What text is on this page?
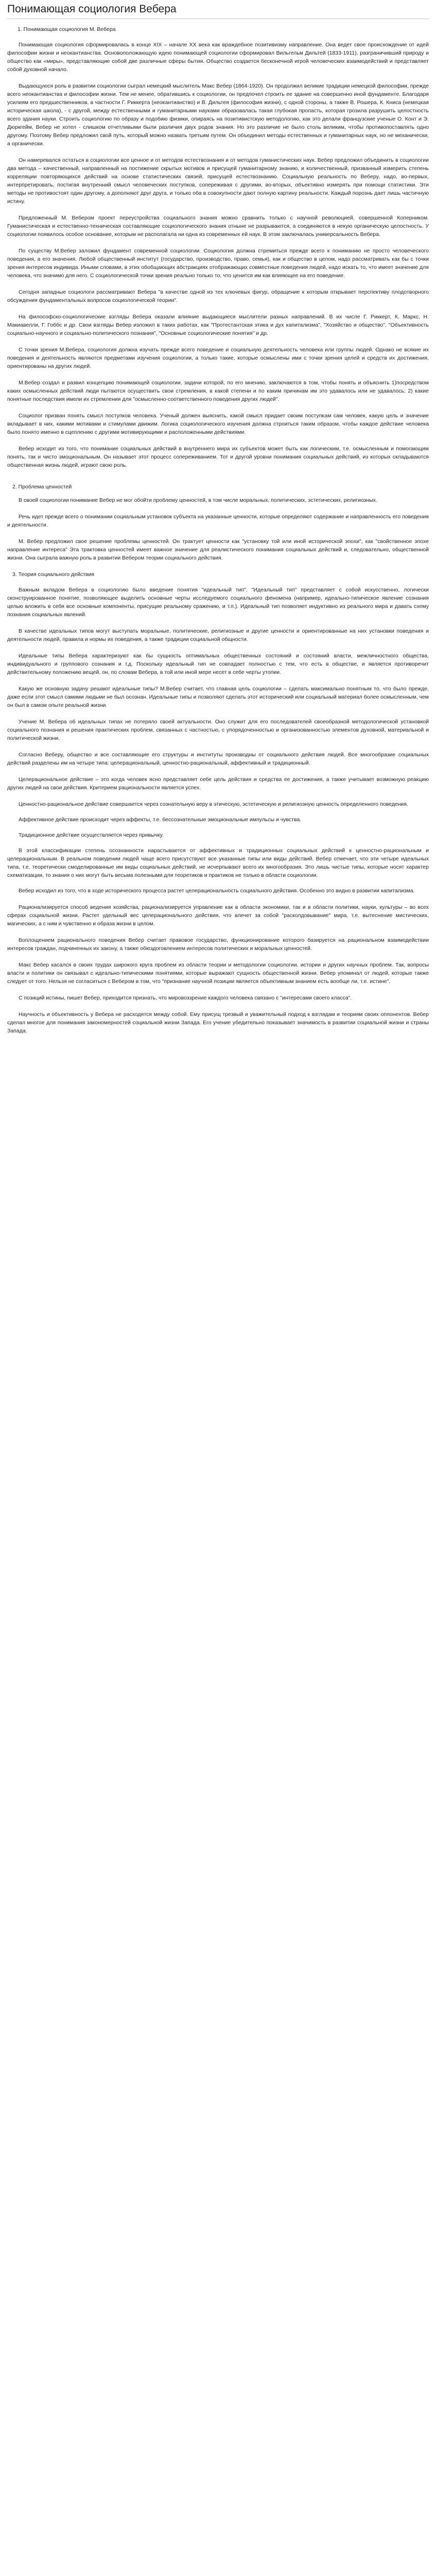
Понимающая социология Вебера
1. Понимающая социология М. Вебера

Понимающая социология сформировалась в конце XIX – начале XX века как враждебное позитивизму направление. Она ведет свое происхождение от идей философии жизни и неокантианства. Основоположающую идею понимающей социологии сформировал Вильгельм Дильтей (1833-1911), разграничивший природу и общество как «миры», представляющие собой две различные сферы бытия. Общество создается бесконечной игрой человеческих взаимодействий и представляет собой духовной начало.

Выдающуюся роль в развитии социологии сыграл немецкий мыслитель Макс Вебер (1864-1920). Он продолжил великие традиции немецкой философии, прежде всего неокантианства и философии жизни. Тем не менее, обратившись к социологии, он предпочел строить ее здание на совершенно иной фундаменте. Благодаря усилиям его предшественников, в частности Г. Риккерта (неокантианство) и В. Дильтея (философия жизни), с одной стороны, а также В. Рошера, К. Книса (немецкая историческая школа), - с другой, между естественными и гуманитарными науками образовалась такая глубокая пропасть, которая грозила разрушить целостность всего здания науки. Строить социологию по образу и подобию физики, опираясь на позитивистскую методологию, как это делали французские ученые О. Конт и Э. Дюркгейм, Вебер не хотел - слишком отчетливыми были различия двух родов знания. Но это различие не было столь великим, чтобы противопоставлять одно другому. Поэтому Вебер предложил свой путь, который можно назвать третьим путем. Он объединил методы естественных и гуманитарных наук, но не механически, а органически.

Он намеревался остаться в социологии все ценное и от методов естествознания и от методов гуманистических наук. Вебер предложил объединить в социологии два метода – качественный, направленный на постижение скрытых мотивов и присущей гуманитарному знанию, и количественный, призванный измерить степень корреляции повторяющихся действий на основе статистических связей, присущей естествознанию. Социальную реальность по Веберу, надо, во-первых, интерпретировать, постигая внутренний смысл человеческих поступков, сопереживая с другими, во-вторых, объективно измерять при помощи статистики. Эти методы не противостоят один другому, а дополняют друг друга, и только оба в совокупности дают полную картину реальности. Каждый порознь дает лишь частичную истину.

Предложенный М. Вебером проект переустройства социального знания можно сравнить только с научной революцией, совершенной Коперником. Гуманистическая и естественно-техническая составляющие социологического знания отныне не разрываются, а соединяются в некую органическую целостность. У социологии появилось особое основание, которым не располагала ни одна из современных ей наук. В этом заключалась универсальность Вебера.

По существу М.Вебер заложил фундамент современной социологии. Социология должна стремиться прежде всего к пониманию не просто человеческого поведения, а его значения. Любой общественный институт (государство, производство, право, семья), как и общество в целом, надо рассматривать как бы с точки зрения интересов индивида. Иными словами, в этих обобщающих абстракциях отображающих совместные поведения людей, надо искать то, что имеет значение для человека, что значимо для него. С социологической точки зрения реально только то, что ценится им как влияющее на его поведение.

Сегодня западные социологи рассматривают Вебера "в качестве одной из тех ключевых фигур, обращение к которым открывает перспективу плодотворного обсуждения фундаментальных вопросов социологической теории".

На философско-социологические взгляды Вебера оказали влияние выдающиеся мыслители разных направлений. В их числе Г. Риккерт, К. Маркс, Н. Макиавелли, Г. Гоббс и др. Свои взгляды Вебер изложил в таких работах, как "Протестантская этика и дух капитализма", "Хозяйство и общество", "Объективность социально-научного и социально-политического познания", "Основные социологические понятия" и др.

С точки зрения М.Вебера, социология должна изучать прежде всего поведение и социальную деятельность человека или группы людей. Однако не всякие их поведения и деятельность являются предметами изучения социологии, а только такие, которые осмыслены ими с точки зрения целей и средств их достижения, ориентированы на других людей.

М.Вебер создал и развил концепцию понимающей социологии, задачи которой, по его мнению, заключаются в том, чтобы понять и объяснить 1)посредством каких осмысленных действий люди пытаются осуществить свои стремления, в какой степени и по каким причинам им это удавалось или не удавалось; 2) какие понятные последствия имели их стремления для "осмысленно-соответственного поведения других людей".

Социолог призван понять смысл поступков человека. Ученый должен выяснить, какой смысл придает своим поступкам сам человек, какую цель и значение вкладывает в них, какими мотивами и стимулами движим. Логика социологического изучения должна строиться таким образом, чтобы каждое действие человека было понято именно в сцеплению с другими мотивирующими и расположенными действиями.

Вебер исходит из того, что понимание социальных действий в внутреннего мира их субъектов может быть как логическим, т.е. осмысленным и помогающим понять, так и чисто эмоциональным. Он называет этот процесс сопереживанием. Тот и другой уровни понимания социальных действий, из которых складываются общественная жизнь людей, играют свою роль.

2. Проблема ценностей

В своей социологии понимание Вебер не мог обойти проблему ценностей, в том числе моральных, политических, эстетических, религиозных.

Речь идет прежде всего о понимании социальным установок субъекта на указанные ценности, которые определяют содержание и направленность его поведения и деятельности.

М. Вебер предложил свое решение проблемы ценностей. Он трактует ценности как "установку той или иной исторической эпохи", как "свойственное эпохе направление интереса" Эта трактовка ценностей имеет важное значение для реалистического понимания социальных действий и, следовательно, общественной жизни. Она сыграла важную роль в развитии Вебером теории социального действия.

3. Теория социального действия

Важным вкладом Вебера в социологию было введение понятия "идеальный тип". "Идеальный тип" представляет с собой искусственно, логически сконструированное понятие, позволяющее выделить основные черты исследуемого социального феномена (например, идеально-типическое явление сознания целью вложить в себя все основные компоненты, присущие реальному сражению, и т.п.). Идеальный тип позволяет индуктивно из реального мира и давать схему познания социальных явлений.

В качестве идеальных типов могут выступать моральные, политические, религиозные и другие ценности и ориентированные на них установки поведения и деятельности людей, правила и нормы их поведения, а также традиции социальной общности.

Идеальные типы Вебера характеризуют как бы сущность оптимальных общественных состояний и состояний власти, межличностного общества, индивидуального и группового сознания и т.д. Поскольку идеальный тип не совпадает полностью с тем, что есть в обществе, и является противоречит действительному положению вещей, он, по словам Вебера, в той или иной мере несет в себе черты утопии.

Какую же основную задачу решают идеальные типы? М.Вебер считает, что главная цель социологии – сделать максимально понятным то, что было прежде, даже если этот смысл самими людьми не был осознан. Идеальные типы и позволяют сделать этот исторический или социальный материал более осмысленным, чем он был в самом опыте реальной жизни.

Учение М. Вебера об идеальных типах не потеряло своей актуальности. Оно служит для его последователей своеобразной методологической установкой социального познания и решения практических проблем, связанных с частностью, с упорядоченностью и организованностью элементов духовной, материальной и политической жизни.

Согласно Веберу, общество и все составляющие его структуры и институты производны от социального действия людей. Все многообразие социальных действий разделены им на четыре типа: целерациональный, ценностно-рациональный, аффективный и традиционный.

Целерациональное действие – это когда человек ясно представляет себе цель действия и средства ее достижения, а также учитывает возможную реакцию других людей на свои действия. Критерием рациональности является успех.

Ценностно-рациональное действие совершается через сознательную веру в этическую, эстетическую и религиозную ценность определенного поведения.

Аффективное действие происходит через аффекты, т.е. бессознательные эмоциональные импульсы и чувства.

Традиционное действие осуществляется через привычку.

В этой классификации степень осознанности нарастывается от аффективных и традиционных социальных действий к ценностно-рациональным и целерациональным. В реальном поведении людей чаще всего присутствуют все указанные типы или виды действий. Вебер отмечает, что эти четыре идеальных типа, т.е. теоретически смоделированные им виды социальных действий, не исчерпывают всего их многообразия. Это лишь чистые типы, которые носят характер схематизации, то знания о них могут быть весьма полезными для теоретиков и практиков не только в области социологии.

Вебер исходил из того, что в ходе исторического процесса растет целерациональность социального действия. Особенно это видно в развитии капитализма.

Рационализируется способ ведения хозяйства, рационализируется управление как в области экономики, так и в области политики, науки, культуры – во всех сферах социальной жизни. Растет удельный вес целерационального действия, что влечет за собой "расколдовывание" мира, т.е. вытеснение мистических, магических, а с ним и чувственно и образа жизни в целом.

Воплощением рационального поведения Вебер считает правовое государство, функционирование которого базируется на рациональном взаимодействии интересов граждан, подчиненных их закону, а также обюздоговлением интересов политических и моральных ценностей.

Макс Вебер касался в своих трудах широкого круга проблем из области теории и методологии социологии, истории и других научных проблем. Так, вопросы власти и политики он связывал с идеально-типическими понятиями, которые выражают сущность общественной жизни. Вебер упоминал от людей, которые также следует от того. Нельзя не согласиться с Вебером в том, что "признание научной позиции является объективным знанием есть вообще ли, т.е. истине".

С позиций истины, пишет Вебер, приходится признать, что мировоззрение каждого человека связано с "интересами своего класса".

Научность и объективность у Вебера не расходятся между собой. Ему присущ трезвый и уважительный подход к взглядам и теориям своих оппонентов. Вебер сделал многое для понимания закономерностей социальной жизни Запада. Его учение убедительно показывает значимость в развитии социальной жизни и страны Запада.
